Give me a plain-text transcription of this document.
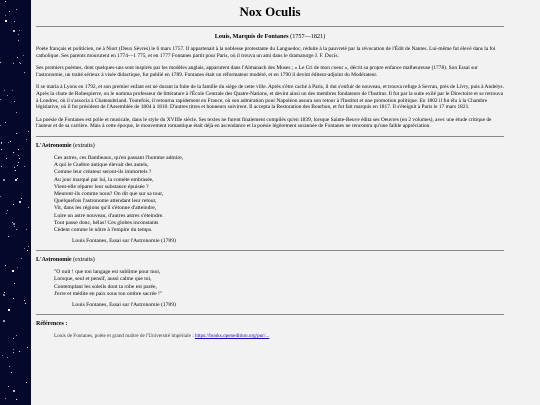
Nox Oculis
Louis, Marquis de Fontanes (1757—1821)

Poète français et politicien, né à Niort (Deux Sèvres) le 6 mars 1757. Il appartenait à la noblesse protestante du Languedoc, réduite à la pauvreté par la révocation de l'Édit de Nantes. Lui-même fut élevé dans la foi catholique. Ses parents moururent en 1774—1 775, et en 1777 Fontanes partit pour Paris, où il trouva un ami dans le dramaturge J. F. Ducis.

Ses premiers poèmes, dont quelques-uns sont inspirés par les modèles anglais, apparurent dans l'Almanach des Muses ; « Le Cri de mon coeur », décrit sa propre enfance malheureuse (1778). Son Essai sur l'astronomie, un traité sérieux à visée didactique, fut publié en 1789. Fontanes était un réformateur modéré, et en 1790 il devint éditeur-adjoint du Modérateur.

Il se maria à Lyons en 1792, et son premier enfant est né durant la fuite de la famille du siège de cette ville. Après s'être caché à Paris, il dut s'enfuir de nouveau, et trouva refuge à Sevran, près de Livry, puis à Andelys. Après la chute de Robespierre, on le nomma professeur de littérature à l'École Centrale des Quatre-Nations, et devint ainsi un des membres fondateurs de l'Institut. Il fut par la suite exilé par le Directoire et se retrouva à Londres, où il s'associa à Chateaubriand. Toutefois, il retourna rapidement en France, où son admiration pour Napoléon assura son retour à l'Institut et une promotion politique. En 1802 il fut élu à la Chambre législative, où il fut président de l'Assemblée de 1804 à 1810. D'autres titres et honneurs suivirent. Il accepta la Restoration des Bourbon, et fut fait marquis en 1817. Il s'éteignit à Paris le 17 mars 1821.

La poésie de Fontanes est polie et musicale, dans le style du XVIIIe siècle. Ses textes ne furent finalement compilés qu'en 1839, lorsque Sainte-Beuve édita ses Oeuvres (en 2 volumes), avec une étude critique de l'auteur et de sa carrière. Mais à cette époque, le mouvement romantique était déjà en ascendance et la poésie légèrement surannée de Fontanes ne rencontra qu'une faible appréciation.

L'Astronomie (extraits)
Ces astres, ces flambeaux, qu'en passant l'homme admire,
A qui le Guèbre antique élevait des autels,
Comme leur créateur seront-ils immortels ?
Au jour marqué par lui, la comète embrasée,
Vient-elle réparer leur substance épuisée ?
Meurent-ils comme nous? On dit que sur sa tour,
Quelquefois l'astronome attendant leur retour,
Vit, dans les régions qu'il s'étonne d'atteindre,
Luire un astre nouveau, d'autres astres s'éteindre.
Tout passe donc, hélas! Ces globes inconstants
Cèdent comme le nôtre à l'empire du temps.
Louis Fontanes, Essai sur l'Astronomie (1789)
L'Astronomie (extraits)
"O nuit ! que ton langage est sublime pour moi,
Lorsque, seul et pensif, aussi calme que toi,
Contemplant les soleils dont ta robe est parée,
J'erre et médite en paix sous ton ombre sacrée !"
Louis Fontanes, Essai sur l'Astronomie (1789)
Références :
Louis de Fontanes, poète et grand maître de l'Université impériale : https://books.openedition.org/pur/...
